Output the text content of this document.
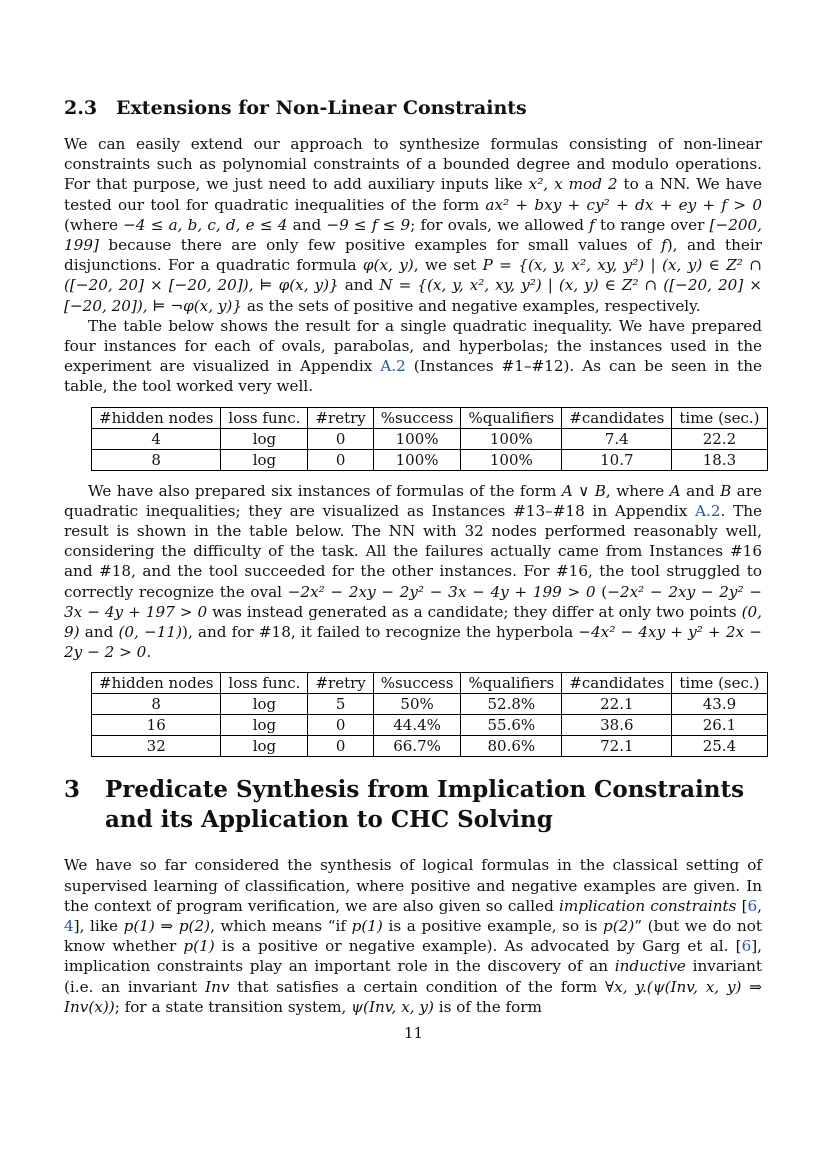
2.3 Extensions for Non-Linear Constraints

We can easily extend our approach to synthesize formulas consisting of non-linear constraints such as polynomial constraints of a bounded degree and modulo operations. For that purpose, we just need to add auxiliary inputs like x², x mod 2 to a NN. We have tested our tool for quadratic inequalities of the form ax² + bxy + cy² + dx + ey + f > 0 (where −4 ≤ a, b, c, d, e ≤ 4 and −9 ≤ f ≤ 9; for ovals, we allowed f to range over [−200, 199] because there are only few positive examples for small values of f), and their disjunctions. For a quadratic formula φ(x, y), we set P = {(x, y, x², xy, y²) | (x, y) ∈ Z² ∩ ([−20, 20] × [−20, 20]), ⊨ φ(x, y)} and N = {(x, y, x², xy, y²) | (x, y) ∈ Z² ∩ ([−20, 20] × [−20, 20]), ⊨ ¬φ(x, y)} as the sets of positive and negative examples, respectively.

The table below shows the result for a single quadratic inequality. We have prepared four instances for each of ovals, parabolas, and hyperbolas; the instances used in the experiment are visualized in Appendix A.2 (Instances #1–#12). As can be seen in the table, the tool worked very well.

#hidden nodes	loss func.	#retry	%success	%qualifiers	#candidates	time (sec.)
4	log	0	100%	100%	7.4	22.2
8	log	0	100%	100%	10.7	18.3

We have also prepared six instances of formulas of the form A ∨ B, where A and B are quadratic inequalities; they are visualized as Instances #13–#18 in Appendix A.2. The result is shown in the table below. The NN with 32 nodes performed reasonably well, considering the difficulty of the task. All the failures actually came from Instances #16 and #18, and the tool succeeded for the other instances. For #16, the tool struggled to correctly recognize the oval −2x² − 2xy − 2y² − 3x − 4y + 199 > 0 (−2x² − 2xy − 2y² − 3x − 4y + 197 > 0 was instead generated as a candidate; they differ at only two points (0, 9) and (0, −11)), and for #18, it failed to recognize the hyperbola −4x² − 4xy + y² + 2x − 2y − 2 > 0.

#hidden nodes	loss func.	#retry	%success	%qualifiers	#candidates	time (sec.)
8	log	5	50%	52.8%	22.1	43.9
16	log	0	44.4%	55.6%	38.6	26.1
32	log	0	66.7%	80.6%	72.1	25.4
3	Predicate Synthesis from Implication Constraints and its Application to CHC Solving

We have so far considered the synthesis of logical formulas in the classical setting of supervised learning of classification, where positive and negative examples are given. In the context of program verification, we are also given so called implication constraints [6, 4], like p(1) ⇒ p(2), which means “if p(1) is a positive example, so is p(2)” (but we do not know whether p(1) is a positive or negative example). As advocated by Garg et al. [6], implication constraints play an important role in the discovery of an inductive invariant (i.e. an invariant Inv that satisfies a certain condition of the form ∀x, y.(ψ(Inv, x, y) ⇒ Inv(x)); for a state transition system, ψ(Inv, x, y) is of the form

11
